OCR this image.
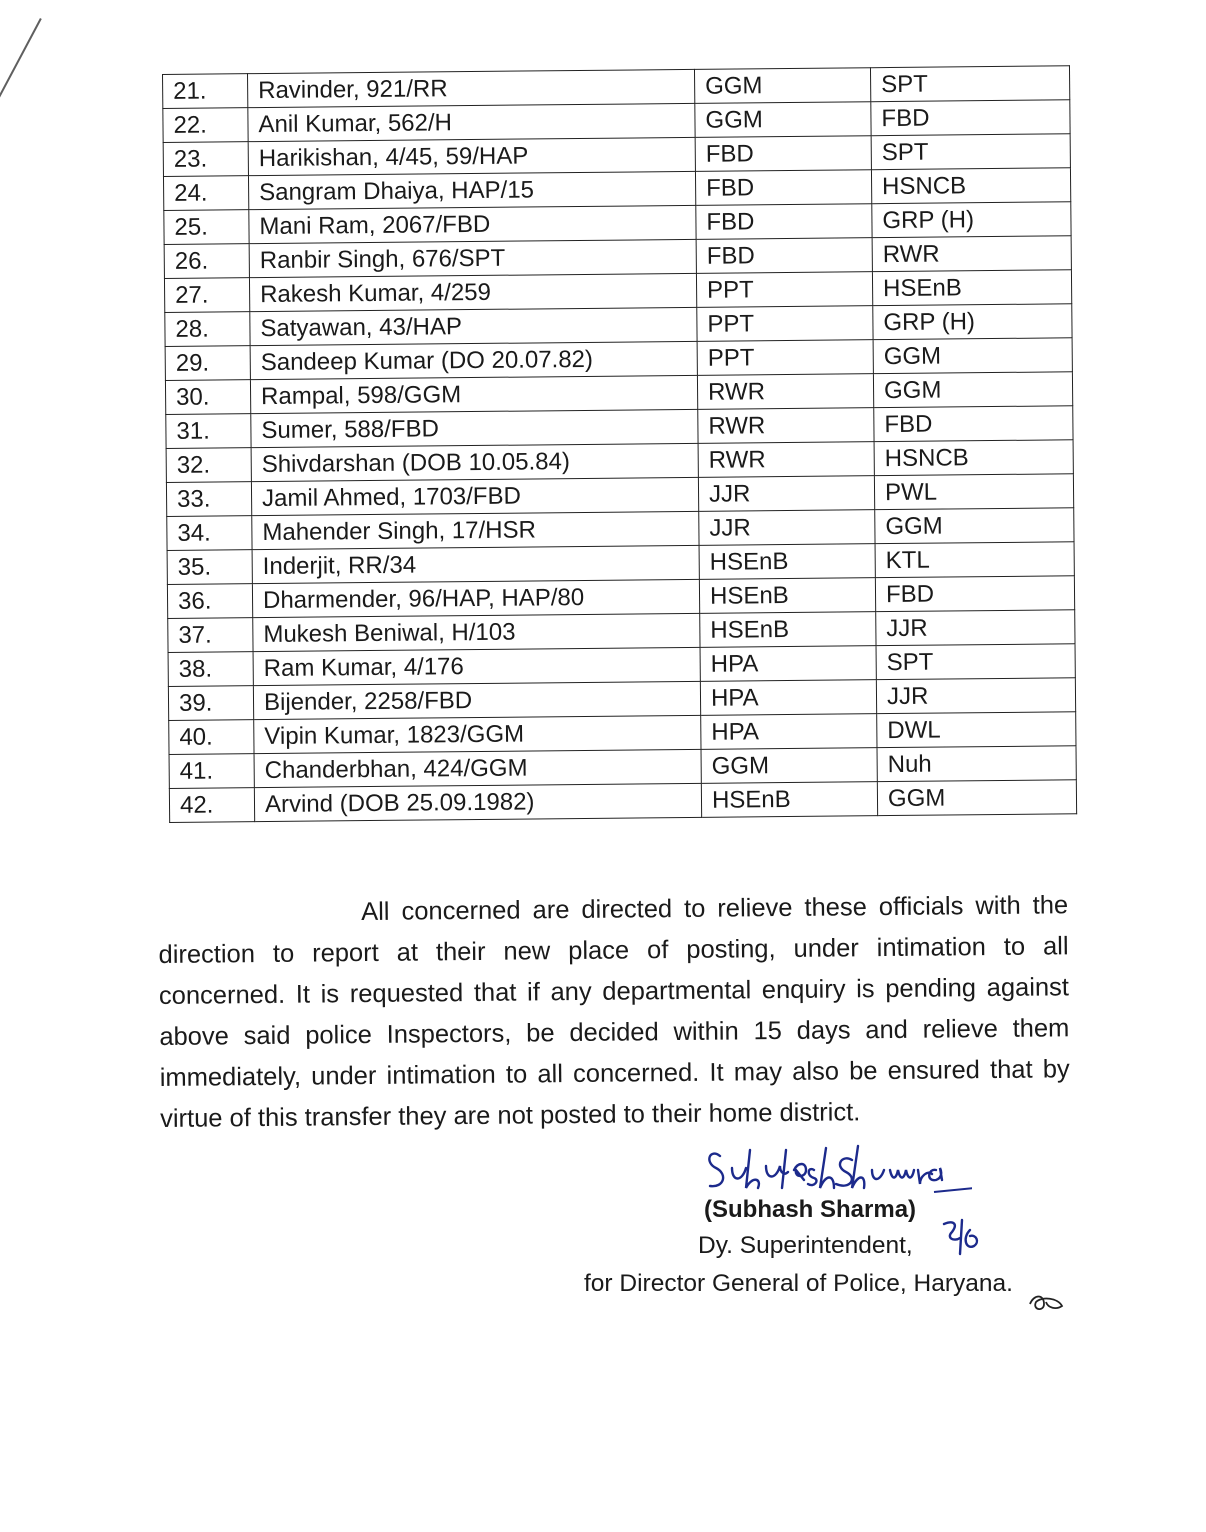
21.	Ravinder, 921/RR	GGM	SPT
22.	Anil Kumar, 562/H	GGM	FBD
23.	Harikishan, 4/45, 59/HAP	FBD	SPT
24.	Sangram Dhaiya, HAP/15	FBD	HSNCB
25.	Mani Ram, 2067/FBD	FBD	GRP (H)
26.	Ranbir Singh, 676/SPT	FBD	RWR
27.	Rakesh Kumar, 4/259	PPT	HSEnB
28.	Satyawan, 43/HAP	PPT	GRP (H)
29.	Sandeep Kumar (DO 20.07.82)	PPT	GGM
30.	Rampal, 598/GGM	RWR	GGM
31.	Sumer, 588/FBD	RWR	FBD
32.	Shivdarshan (DOB 10.05.84)	RWR	HSNCB
33.	Jamil Ahmed, 1703/FBD	JJR	PWL
34.	Mahender Singh, 17/HSR	JJR	GGM
35.	Inderjit, RR/34	HSEnB	KTL
36.	Dharmender, 96/HAP, HAP/80	HSEnB	FBD
37.	Mukesh Beniwal, H/103	HSEnB	JJR
38.	Ram Kumar, 4/176	HPA	SPT
39.	Bijender, 2258/FBD	HPA	JJR
40.	Vipin Kumar, 1823/GGM	HPA	DWL
41.	Chanderbhan, 424/GGM	GGM	Nuh
42.	Arvind (DOB 25.09.1982)	HSEnB	GGM

All concerned are directed to relieve these officials with the direction to report at their new place of posting, under intimation to all concerned. It is requested that if any departmental enquiry is pending against above said police Inspectors, be decided within 15 days and relieve them immediately, under intimation to all concerned. It may also be ensured that by virtue of this transfer they are not posted to their home district.

(Subhash Sharma)
Dy. Superintendent,
for Director General of Police, Haryana.
